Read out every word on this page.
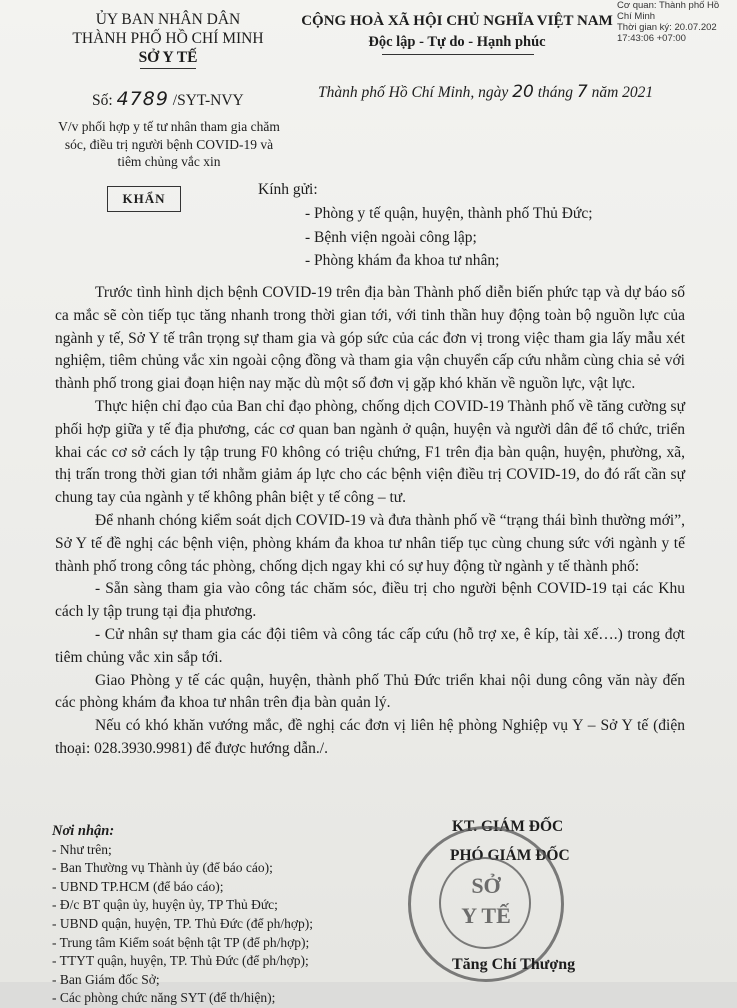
Cơ quan: Thành phố Hồ
Chí Minh
Thời gian ký: 20.07.202
17:43:06 +07:00
ỦY BAN NHÂN DÂN
THÀNH PHỐ HỒ CHÍ MINH
SỞ Y TẾ
CỘNG HOÀ XÃ HỘI CHỦ NGHĨA VIỆT NAM
Độc lập - Tự do - Hạnh phúc
Số: 4789 /SYT-NVY	Thành phố Hồ Chí Minh, ngày 20 tháng 7 năm 2021
V/v phối hợp y tế tư nhân tham gia chăm sóc, điều trị người bệnh COVID-19 và tiêm chủng vắc xin
KHẨN
Kính gửi:
- Phòng y tế quận, huyện, thành phố Thủ Đức;
- Bệnh viện ngoài công lập;
- Phòng khám đa khoa tư nhân;

Trước tình hình dịch bệnh COVID-19 trên địa bàn Thành phố diễn biến phức tạp và dự báo số ca mắc sẽ còn tiếp tục tăng nhanh trong thời gian tới, với tinh thần huy động toàn bộ nguồn lực của ngành y tế, Sở Y tế trân trọng sự tham gia và góp sức của các đơn vị trong việc tham gia lấy mẫu xét nghiệm, tiêm chủng vắc xin ngoài cộng đồng và tham gia vận chuyển cấp cứu nhằm cùng chia sẻ với thành phố trong giai đoạn hiện nay mặc dù một số đơn vị gặp khó khăn về nguồn lực, vật lực.

Thực hiện chỉ đạo của Ban chỉ đạo phòng, chống dịch COVID-19 Thành phố về tăng cường sự phối hợp giữa y tế địa phương, các cơ quan ban ngành ở quận, huyện và người dân để tổ chức, triển khai các cơ sở cách ly tập trung F0 không có triệu chứng, F1 trên địa bàn quận, huyện, phường, xã, thị trấn trong thời gian tới nhằm giảm áp lực cho các bệnh viện điều trị COVID-19, do đó rất cần sự chung tay của ngành y tế không phân biệt y tế công – tư.

Để nhanh chóng kiểm soát dịch COVID-19 và đưa thành phố về “trạng thái bình thường mới”, Sở Y tế đề nghị các bệnh viện, phòng khám đa khoa tư nhân tiếp tục cùng chung sức với ngành y tế thành phố trong công tác phòng, chống dịch ngay khi có sự huy động từ ngành y tế thành phố:

- Sẵn sàng tham gia vào công tác chăm sóc, điều trị cho người bệnh COVID-19 tại các Khu cách ly tập trung tại địa phương.

- Cử nhân sự tham gia các đội tiêm và công tác cấp cứu (hỗ trợ xe, ê kíp, tài xế….) trong đợt tiêm chủng vắc xin sắp tới.

Giao Phòng y tế các quận, huyện, thành phố Thủ Đức triển khai nội dung công văn này đến các phòng khám đa khoa tư nhân trên địa bàn quản lý.

Nếu có khó khăn vướng mắc, đề nghị các đơn vị liên hệ phòng Nghiệp vụ Y – Sở Y tế (điện thoại: 028.3930.9981) để được hướng dẫn./.

Nơi nhận:
- Như trên;
- Ban Thường vụ Thành ủy (để báo cáo);
- UBND TP.HCM (để báo cáo);
- Đ/c BT quận ủy, huyện ủy, TP Thủ Đức;
- UBND quận, huyện, TP. Thủ Đức (để ph/hợp);
- Trung tâm Kiểm soát bệnh tật TP (để ph/hợp);
- TTYT quận, huyện, TP. Thủ Đức (để ph/hợp);
- Ban Giám đốc Sở;
- Các phòng chức năng SYT (để th/hiện);
KT. GIÁM ĐỐC
PHÓ GIÁM ĐỐC
SỞ
Y TẾ
Tăng Chí Thượng
